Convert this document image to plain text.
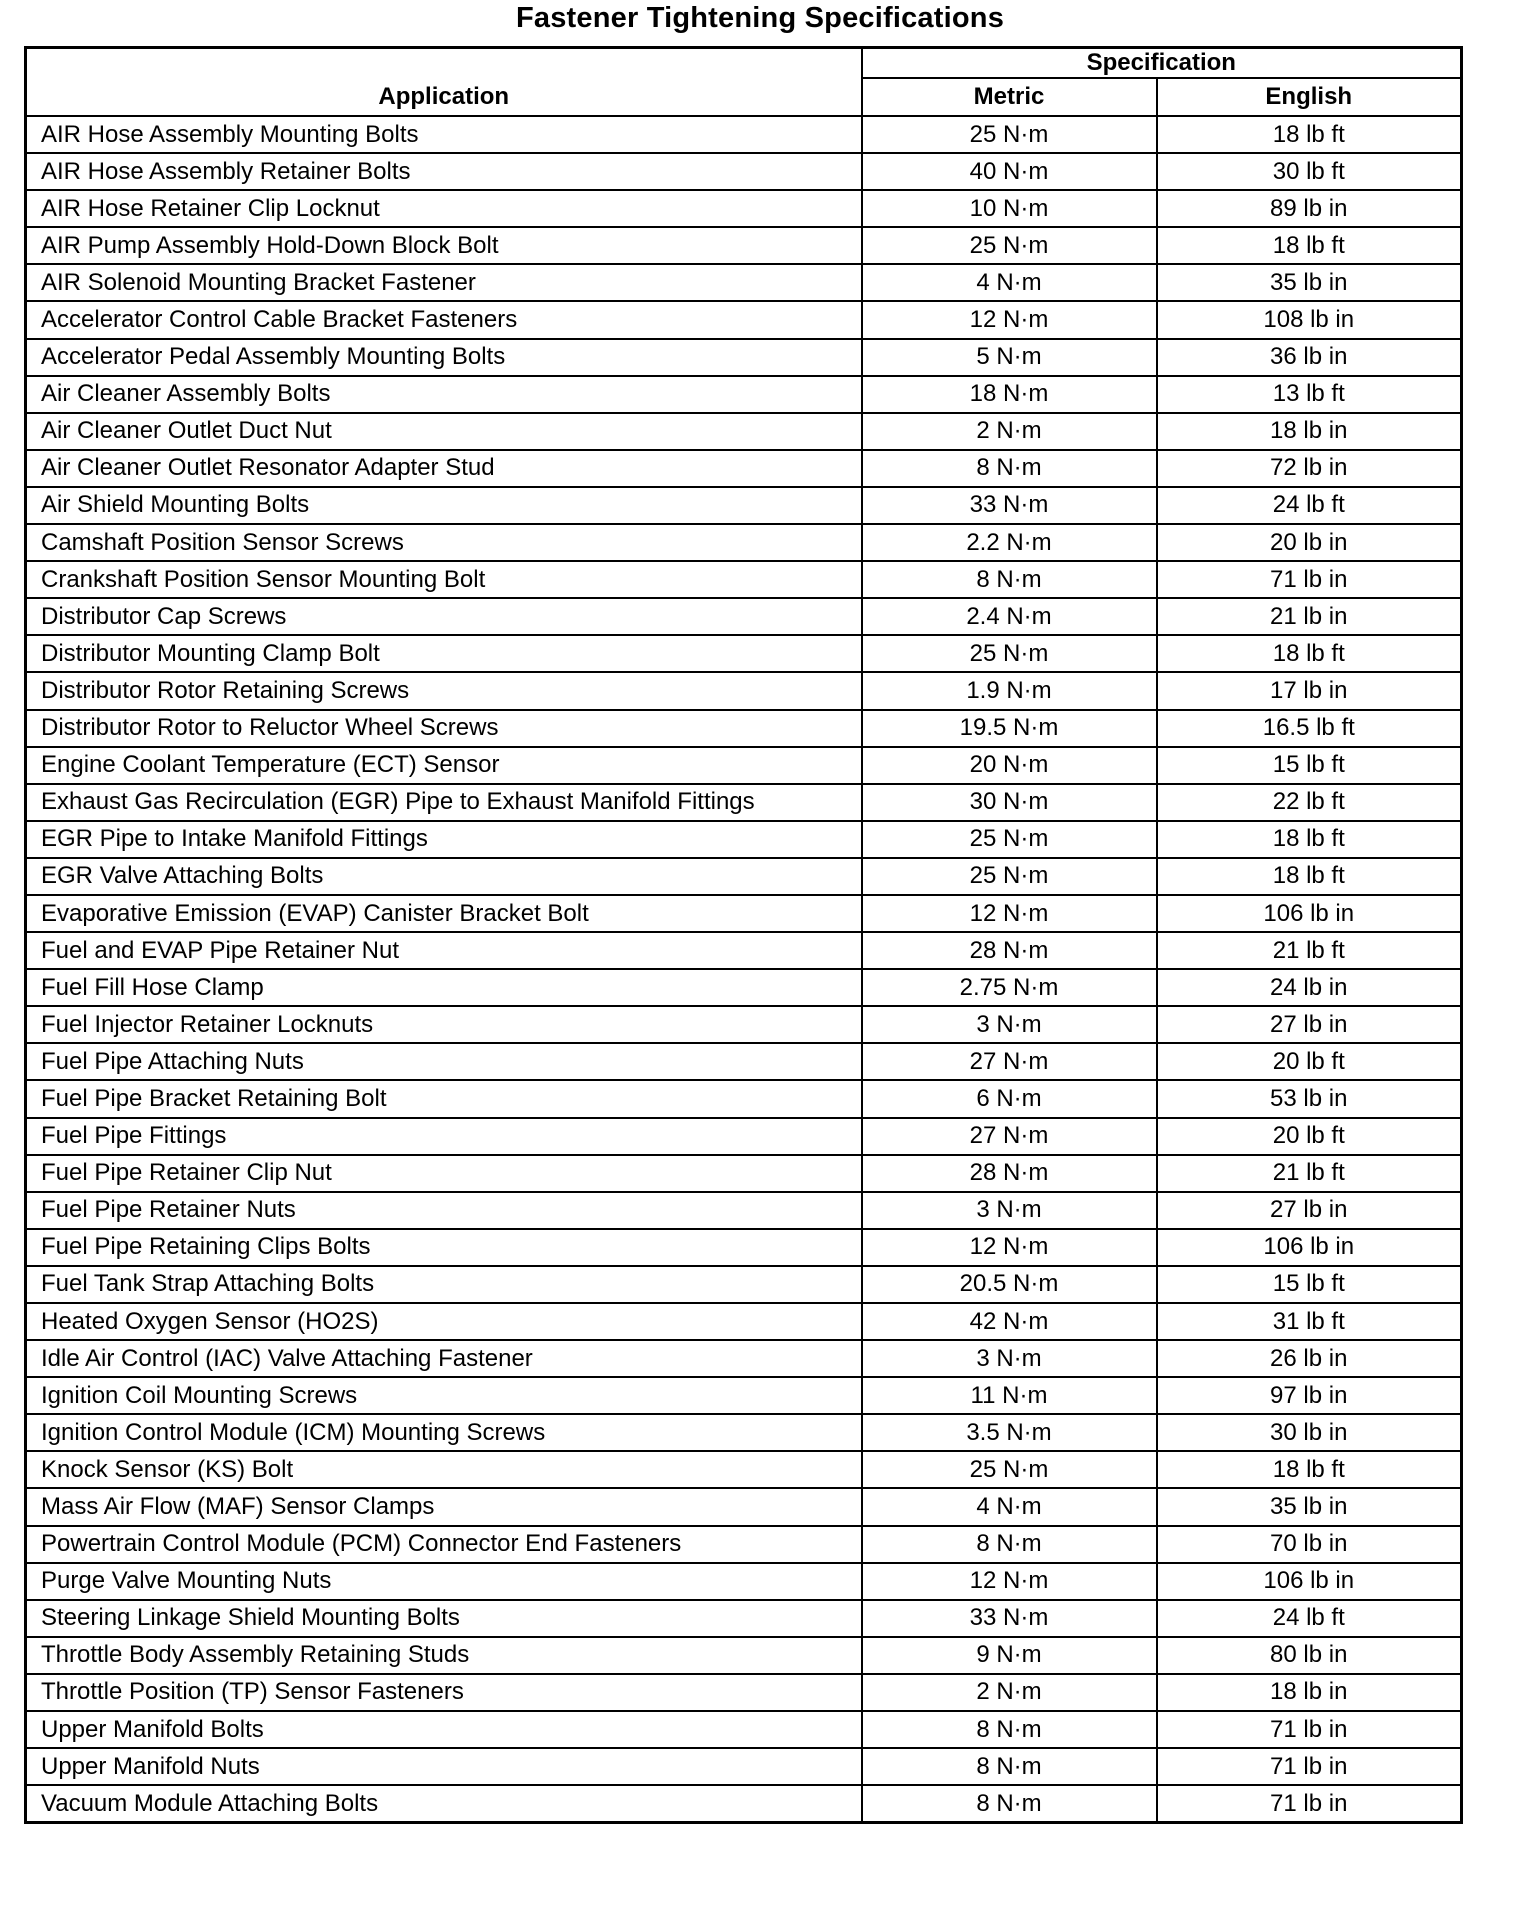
Fastener Tightening Specifications
Application	Specification	
	Metric	English
AIR Hose Assembly Mounting Bolts	25 N·m	18 lb ft
AIR Hose Assembly Retainer Bolts	40 N·m	30 lb ft
AIR Hose Retainer Clip Locknut	10 N·m	89 lb in
AIR Pump Assembly Hold-Down Block Bolt	25 N·m	18 lb ft
AIR Solenoid Mounting Bracket Fastener	4 N·m	35 lb in
Accelerator Control Cable Bracket Fasteners	12 N·m	108 lb in
Accelerator Pedal Assembly Mounting Bolts	5 N·m	36 lb in
Air Cleaner Assembly Bolts	18 N·m	13 lb ft
Air Cleaner Outlet Duct Nut	2 N·m	18 lb in
Air Cleaner Outlet Resonator Adapter Stud	8 N·m	72 lb in
Air Shield Mounting Bolts	33 N·m	24 lb ft
Camshaft Position Sensor Screws	2.2 N·m	20 lb in
Crankshaft Position Sensor Mounting Bolt	8 N·m	71 lb in
Distributor Cap Screws	2.4 N·m	21 lb in
Distributor Mounting Clamp Bolt	25 N·m	18 lb ft
Distributor Rotor Retaining Screws	1.9 N·m	17 lb in
Distributor Rotor to Reluctor Wheel Screws	19.5 N·m	16.5 lb ft
Engine Coolant Temperature (ECT) Sensor	20 N·m	15 lb ft
Exhaust Gas Recirculation (EGR) Pipe to Exhaust Manifold Fittings	30 N·m	22 lb ft
EGR Pipe to Intake Manifold Fittings	25 N·m	18 lb ft
EGR Valve Attaching Bolts	25 N·m	18 lb ft
Evaporative Emission (EVAP) Canister Bracket Bolt	12 N·m	106 lb in
Fuel and EVAP Pipe Retainer Nut	28 N·m	21 lb ft
Fuel Fill Hose Clamp	2.75 N·m	24 lb in
Fuel Injector Retainer Locknuts	3 N·m	27 lb in
Fuel Pipe Attaching Nuts	27 N·m	20 lb ft
Fuel Pipe Bracket Retaining Bolt	6 N·m	53 lb in
Fuel Pipe Fittings	27 N·m	20 lb ft
Fuel Pipe Retainer Clip Nut	28 N·m	21 lb ft
Fuel Pipe Retainer Nuts	3 N·m	27 lb in
Fuel Pipe Retaining Clips Bolts	12 N·m	106 lb in
Fuel Tank Strap Attaching Bolts	20.5 N·m	15 lb ft
Heated Oxygen Sensor (HO2S)	42 N·m	31 lb ft
Idle Air Control (IAC) Valve Attaching Fastener	3 N·m	26 lb in
Ignition Coil Mounting Screws	11 N·m	97 lb in
Ignition Control Module (ICM) Mounting Screws	3.5 N·m	30 lb in
Knock Sensor (KS) Bolt	25 N·m	18 lb ft
Mass Air Flow (MAF) Sensor Clamps	4 N·m	35 lb in
Powertrain Control Module (PCM) Connector End Fasteners	8 N·m	70 lb in
Purge Valve Mounting Nuts	12 N·m	106 lb in
Steering Linkage Shield Mounting Bolts	33 N·m	24 lb ft
Throttle Body Assembly Retaining Studs	9 N·m	80 lb in
Throttle Position (TP) Sensor Fasteners	2 N·m	18 lb in
Upper Manifold Bolts	8 N·m	71 lb in
Upper Manifold Nuts	8 N·m	71 lb in
Vacuum Module Attaching Bolts	8 N·m	71 lb in
